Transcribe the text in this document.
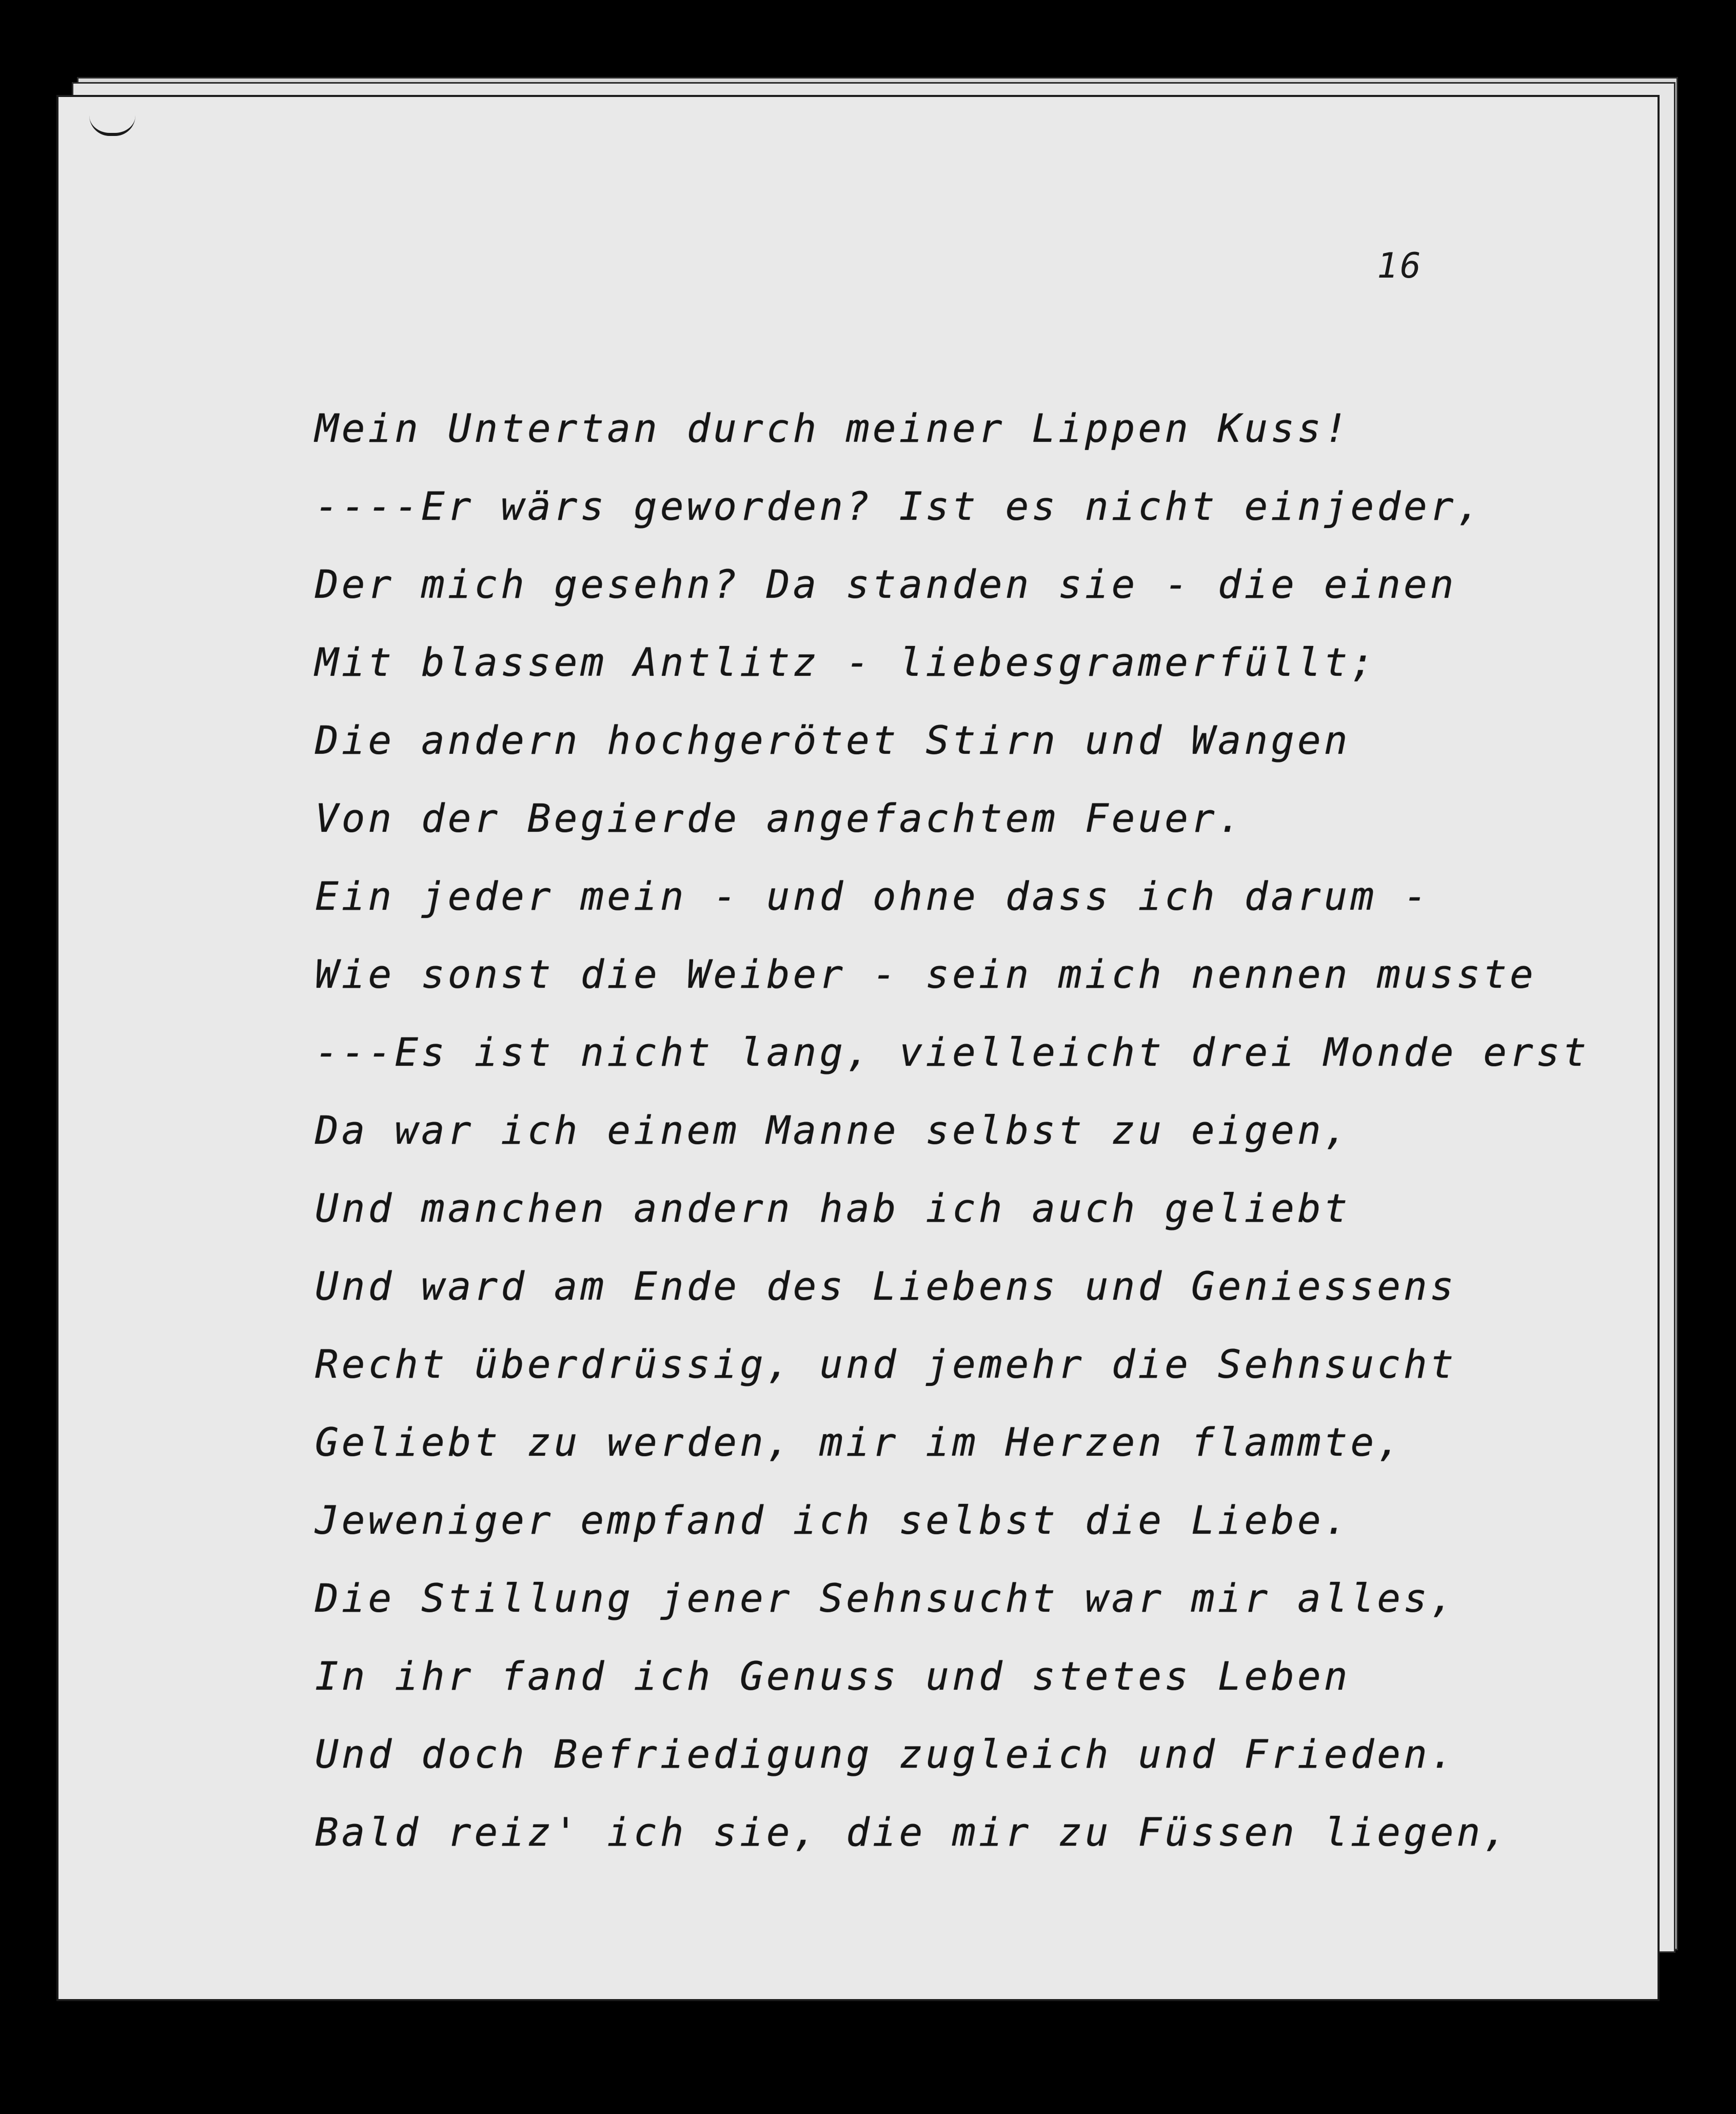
16
Mein Untertan durch meiner Lippen Kuss!
----Er wärs geworden? Ist es nicht einjeder,
Der mich gesehn? Da standen sie - die einen
Mit blassem Antlitz - liebesgramerfüllt;
Die andern hochgerötet Stirn und Wangen
Von der Begierde angefachtem Feuer.
Ein jeder mein - und ohne dass ich darum -
Wie sonst die Weiber - sein mich nennen musste
---Es ist nicht lang, vielleicht drei Monde erst
Da war ich einem Manne selbst zu eigen,
Und manchen andern hab ich auch geliebt
Und ward am Ende des Liebens und Geniessens
Recht überdrüssig, und jemehr die Sehnsucht
Geliebt zu werden, mir im Herzen flammte,
Jeweniger empfand ich selbst die Liebe.
Die Stillung jener Sehnsucht war mir alles,
In ihr fand ich Genuss und stetes Leben
Und doch Befriedigung zugleich und Frieden.
Bald reiz' ich sie, die mir zu Füssen liegen,
